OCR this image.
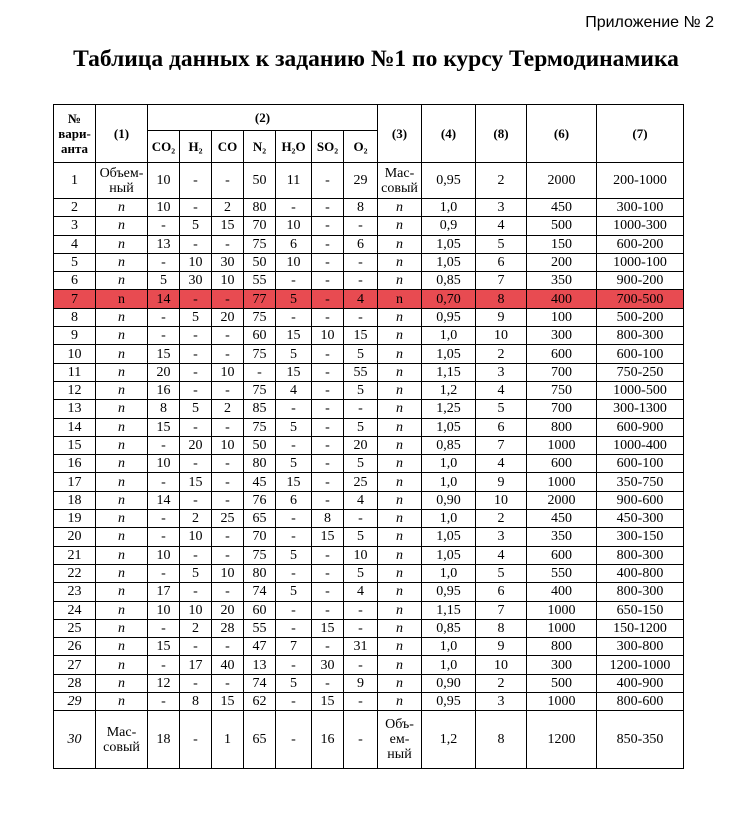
Приложение № 2
Таблица данных к заданию №1 по курсу Термодинамика
№ вари-анта	(1)	(2)							(3)	(4)	(8)	(6)	(7)
		CO₂	H₂	CO	N₂	H₂O	SO₂	O₂					
1	Объем-ный	10	-	-	50	11	-	29	Мас-совый	0,95	2	2000	200-1000
2	n	10	-	2	80	-	-	8	n	1,0	3	450	300-100
3	n	-	5	15	70	10	-	-	n	0,9	4	500	1000-300
4	n	13	-	-	75	6	-	6	n	1,05	5	150	600-200
5	n	-	10	30	50	10	-	-	n	1,05	6	200	1000-100
6	n	5	30	10	55	-	-	-	n	0,85	7	350	900-200
7	n	14	-	-	77	5	-	4	n	0,70	8	400	700-500
8	n	-	5	20	75	-	-	-	n	0,95	9	100	500-200
9	n	-	-	-	60	15	10	15	n	1,0	10	300	800-300
10	n	15	-	-	75	5	-	5	n	1,05	2	600	600-100
11	n	20	-	10	-	15	-	55	n	1,15	3	700	750-250
12	n	16	-	-	75	4	-	5	n	1,2	4	750	1000-500
13	n	8	5	2	85	-	-	-	n	1,25	5	700	300-1300
14	n	15	-	-	75	5	-	5	n	1,05	6	800	600-900
15	n	-	20	10	50	-	-	20	n	0,85	7	1000	1000-400
16	n	10	-	-	80	5	-	5	n	1,0	4	600	600-100
17	n	-	15	-	45	15	-	25	n	1,0	9	1000	350-750
18	n	14	-	-	76	6	-	4	n	0,90	10	2000	900-600
19	n	-	2	25	65	-	8	-	n	1,0	2	450	450-300
20	n	-	10	-	70	-	15	5	n	1,05	3	350	300-150
21	n	10	-	-	75	5	-	10	n	1,05	4	600	800-300
22	n	-	5	10	80	-	-	5	n	1,0	5	550	400-800
23	n	17	-	-	74	5	-	4	n	0,95	6	400	800-300
24	n	10	10	20	60	-	-	-	n	1,15	7	1000	650-150
25	n	-	2	28	55	-	15	-	n	0,85	8	1000	150-1200
26	n	15	-	-	47	7	-	31	n	1,0	9	800	300-800
27	n	-	17	40	13	-	30	-	n	1,0	10	300	1200-1000
28	n	12	-	-	74	5	-	9	n	0,90	2	500	400-900
29	n	-	8	15	62	-	15	-	n	0,95	3	1000	800-600
30	Мас-совый	18	-	1	65	-	16	-	Объ-ем-ный	1,2	8	1200	850-350
